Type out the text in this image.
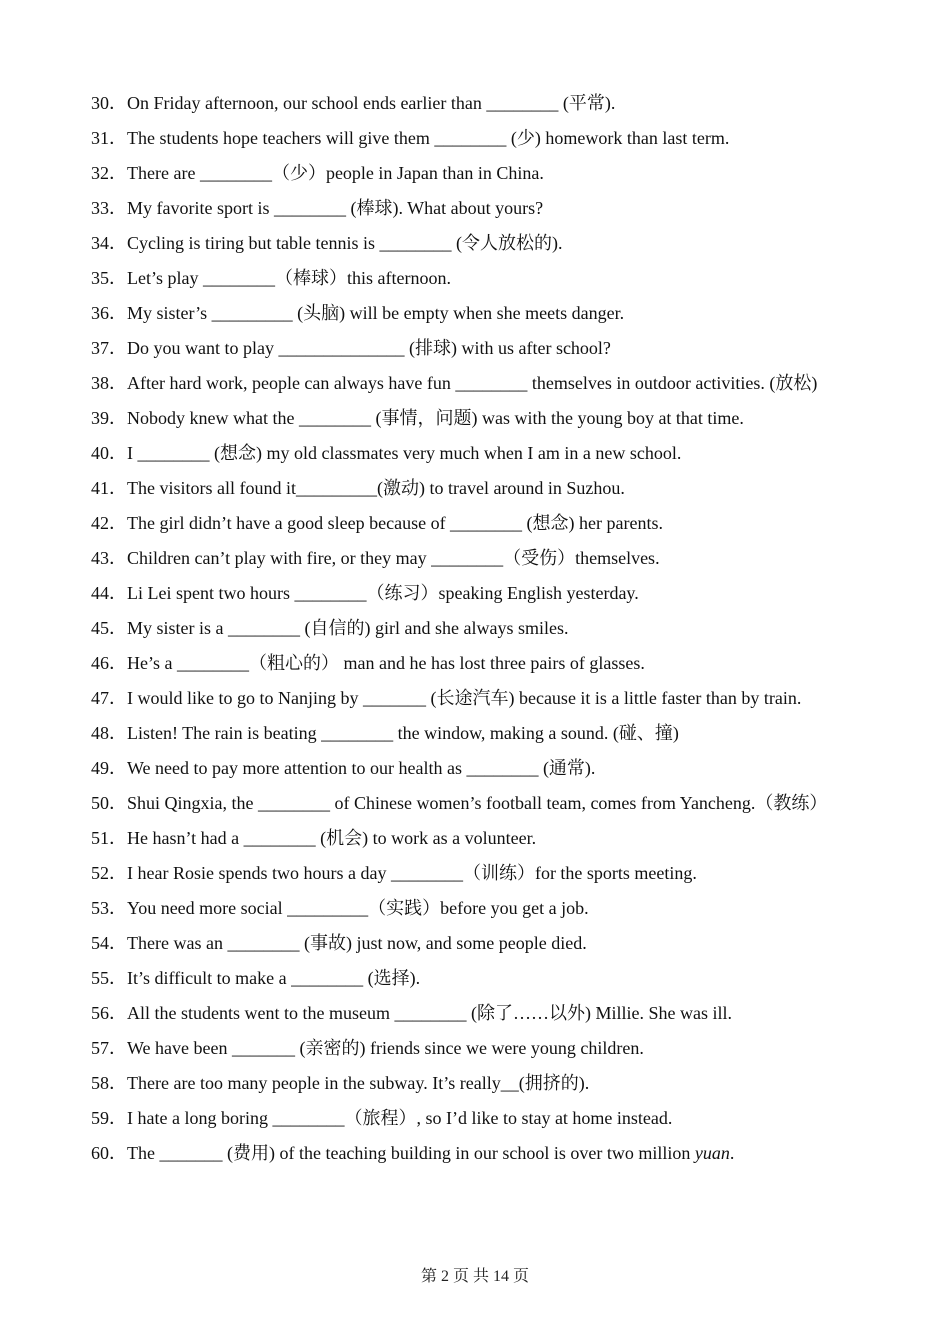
30．On Friday afternoon, our school ends earlier than ________ (平常).

31．The students hope teachers will give them ________ (少) homework than last term.

32．There are ________（少）people in Japan than in China.

33．My favorite sport is ________ (棒球). What about yours?

34．Cycling is tiring but table tennis is ________ (令人放松的).

35．Let’s play ________（棒球）this afternoon.

36．My sister’s _________ (头脑) will be empty when she meets danger.

37．Do you want to play ______________ (排球) with us after school?

38．After hard work, people can always have fun ________ themselves in outdoor activities. (放松)

39．Nobody knew what the ________ (事情，问题) was with the young boy at that time.

40．I ________ (想念) my old classmates very much when I am in a new school.

41．The visitors all found it_________(激动) to travel around in Suzhou.

42．The girl didn’t have a good sleep because of ________ (想念) her parents.

43．Children can’t play with fire, or they may ________（受伤）themselves.

44．Li Lei spent two hours ________（练习）speaking English yesterday.

45．My sister is a ________ (自信的) girl and she always smiles.

46．He’s a ________（粗心的） man and he has lost three pairs of glasses.

47．I would like to go to Nanjing by _______ (长途汽车) because it is a little faster than by train.

48．Listen! The rain is beating ________ the window, making a sound. (碰、撞)

49．We need to pay more attention to our health as ________ (通常).

50．Shui Qingxia, the ________ of Chinese women’s football team, comes from Yancheng.（教练）

51．He hasn’t had a ________ (机会) to work as a volunteer.

52．I hear Rosie spends two hours a day ________（训练）for the sports meeting.

53．You need more social _________（实践）before you get a job.

54．There was an ________ (事故) just now, and some people died.

55．It’s difficult to make a ________ (选择).

56．All the students went to the museum ________ (除了……以外) Millie. She was ill.

57．We have been _______ (亲密的) friends since we were young children.

58．There are too many people in the subway. It’s really__(拥挤的).

59．I hate a long boring ________（旅程）, so I’d like to stay at home instead.

60．The _______ (费用) of the teaching building in our school is over two million yuan.

第 2 页 共 14 页
